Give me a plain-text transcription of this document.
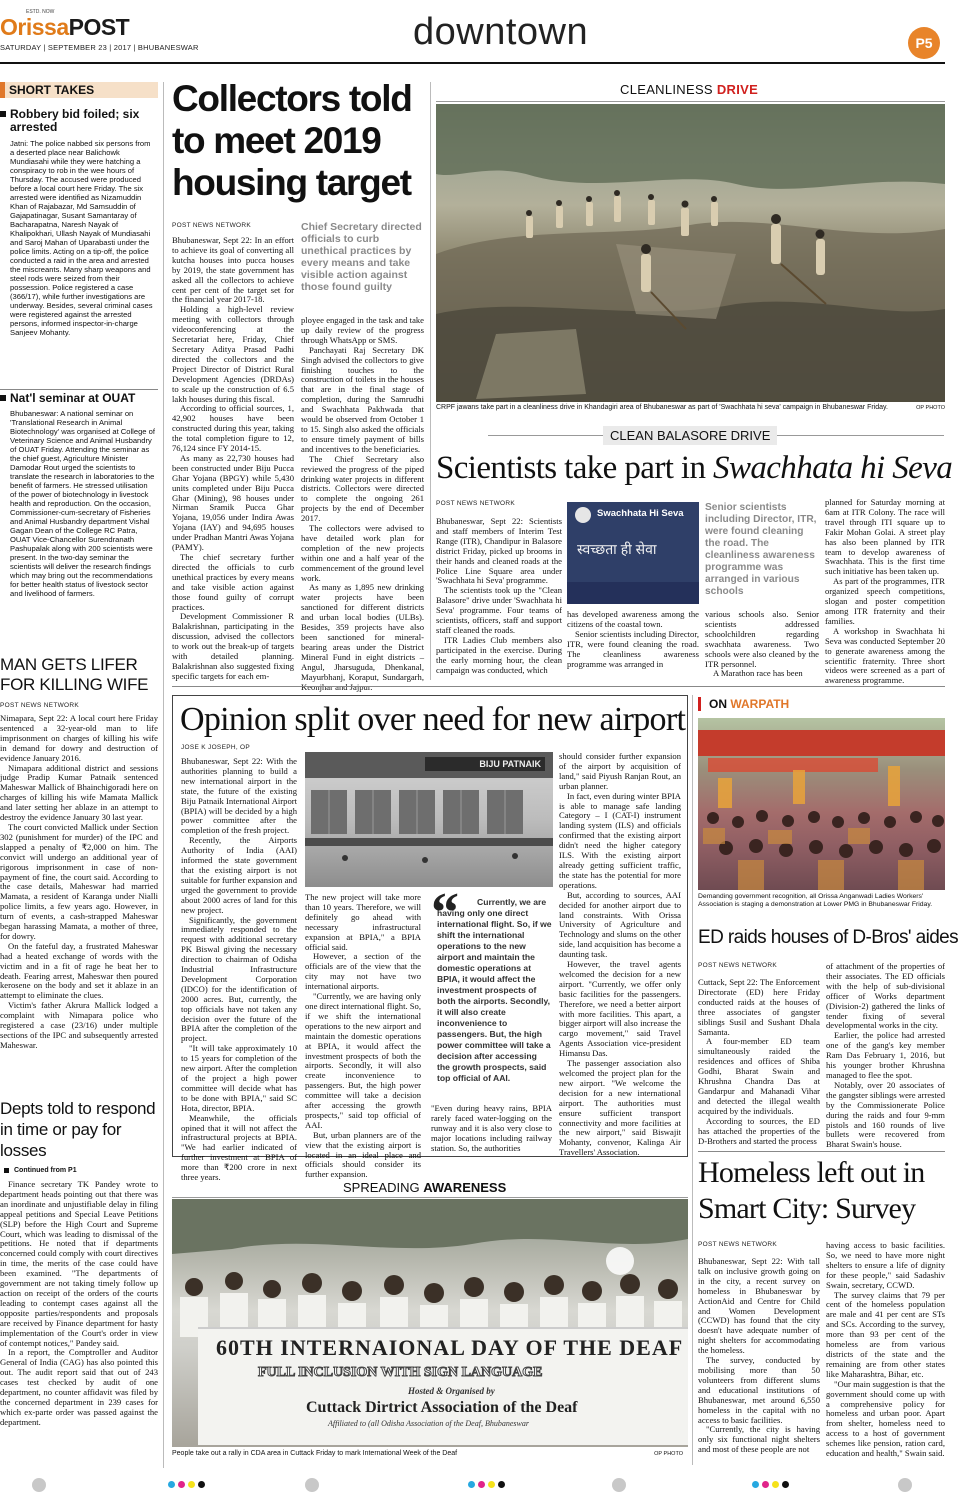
ESTD. NOW
OrissaPOST
SATURDAY | SEPTEMBER 23 | 2017 | BHUBANESWAR	downtown	P5
SHORT TAKES
Robbery bid foiled; six arrested
Jatni: The police nabbed six persons from a deserted place near Balichowk Mundiasahi while they were hatching a conspiracy to rob in the wee hours of Thursday. The accused were produced before a local court here Friday. The six arrested were identified as Nizamuddin Khan of Rajabazar, Md Samsuddin of Gajapatinagar, Susant Samantaray of Bacharapatna, Naresh Nayak of Khalipokhari, Ullash Nayak of Mundiasahi and Saroj Mahan of Uparabasti under the police limits. Acting on a tip-off, the police conducted a raid in the area and arrested the miscreants. Many sharp weapons and steel rods were seized from their possession. Police registered a case (366/17), while further investigations are underway. Besides, several criminal cases were registered against the arrested persons, informed inspector-in-charge Sanjeev Mohanty.
Nat'l seminar at OUAT
Bhubaneswar: A national seminar on 'Translational Research in Animal Biotechnology' was organised at College of Veterinary Science and Animal Husbandry of OUAT Friday. Attending the seminar as the chief guest, Agriculture Minister Damodar Rout urged the scientists to translate the research in laboratories to the benefit of farmers. He stressed utilisation of the power of biotechnology in livestock health and reproduction. On the occasion, Commissioner-cum-secretary of Fisheries and Animal Husbandry department Vishal Gagan Dean of the College RC Patra, OUAT Vice-Chancellor Surendranath Pashupalak along with 200 scientists were present. In the two-day seminar the scientists will deliver the research findings which may bring out the recommendations for better health status of livestock sector and livelihood of farmers.
MAN GETS LIFER FOR KILLING WIFE
POST NEWS NETWORK

Nimapara, Sept 22: A local court here Friday sentenced a 32-year-old man to life imprisonment on charges of killing his wife in demand for dowry and destruction of evidence January 2016.

Nimapara additional district and sessions judge Pradip Kumar Patnaik sentenced Maheswar Mallick of Bhainchigoradi here on charges of killing his wife Mamata Mallick and later setting her ablaze in an attempt to destroy the evidence January 30 last year.

The court convicted Mallick under Section 302 (punishment for murder) of the IPC and slapped a penalty of ₹2,000 on him. The convict will undergo an additional year of rigorous imprisonment in case of non-payment of fine, the court said. According to the case details, Maheswar had married Mamata, a resident of Karanga under Nialli police limits, a few years ago. However, in turn of events, a cash-strapped Maheswar began harassing Mamata, a mother of three, for dowry.

On the fateful day, a frustrated Maheswar had a heated exchange of words with the victim and in a fit of rage he beat her to death. Fearing arrest, Maheswar then poured kerosene on the body and set it ablaze in an attempt to eliminate the clues.

Victim's father Akrura Mallick lodged a complaint with Nimapara police who registered a case (23/16) under multiple sections of the IPC and subsequently arrested Maheswar.

Depts told to respond in time or pay for losses
Continued from P1

Finance secretary TK Pandey wrote to department heads pointing out that there was an inordinate and unjustifiable delay in filing appeal petitions and Special Leave Petitions (SLP) before the High Court and Supreme Court, which was leading to dismissal of the petitions. He noted that if departments concerned could comply with court directives in time, the merits of the case could have been examined. "The departments of government are not taking timely follow up action on receipt of the orders of the courts leading to contempt cases against all the opposite parties/respondents and proposals are received by Finance department for hasty implementation of the Court's order in view of contempt notices," Pandey said.

In a report, the Comptroller and Auditor General of India (CAG) has also pointed this out. The audit report said that out of 243 cases test checked by audit of one department, no counter affidavit was filed by the concerned department in 239 cases for which ex-parte order was passed against the department.

Collectors told to meet 2019 housing target
POST NEWS NETWORK	Chief Secretary directed officials to curb unethical practices by every means and take visible action against those found guilty

Bhubaneswar, Sept 22: In an effort to achieve its goal of converting all kutcha houses into pucca houses by 2019, the state government has asked all the collectors to achieve cent per cent of the target set for the financial year 2017-18.

Holding a high-level review meeting with collectors through videoconferencing at the Secretariat here, Friday, Chief Secretary Aditya Prasad Padhi directed the collectors and the Project Director of District Rural Development Agencies (DRDAs) to scale up the construction of 6.5 lakh houses during this fiscal.

According to official sources, 1, 42,902 houses have been constructed during this year, taking the total completion figure to 12, 76,124 since FY 2014-15.

As many as 22,730 houses had been constructed under Biju Pucca Ghar Yojana (BPGY) while 5,430 units completed under Biju Pucca Ghar (Mining), 98 houses under Nirman Sramik Pucca Ghar Yojana, 19,056 under Indira Awas Yojana (IAY) and 94,695 houses under Pradhan Mantri Awas Yojana (PAMY).

The chief secretary further directed the officials to curb unethical practices by every means and take visible action against those found guilty of corrupt practices.

Development Commissioner R Balakrishnan, participating in the discussion, advised the collectors to work out the break-up of targets with detailed planning. Balakrishnan also suggested fixing specific targets for each em-

ployee engaged in the task and take up daily review of the progress through WhatsApp or SMS.

Panchayati Raj Secretary DK Singh advised the collectors to give finishing touches to the construction of toilets in the houses that are in the final stage of completion, during the Samrudhi and Swachhata Pakhwada that would be observed from October 1 to 15. Singh also asked the officials to ensure timely payment of bills and incentives to the beneficiaries.

The Chief Secretary also reviewed the progress of the piped drinking water projects in different districts. Collectors were directed to complete the ongoing 261 projects by the end of December 2017.

The collectors were advised to have detailed work plan for completion of the new projects within one and a half year of the commencement of the ground level work.

As many as 1,895 new drinking water projects have been sanctioned for different districts and urban local bodies (ULBs). Besides, 359 projects have also been sanctioned for mineral-bearing areas under the District Mineral Fund in eight districts – Angul, Jharsuguda, Dhenkanal, Mayurbhanj, Koraput, Sundargarh,

CLEANLINESS DRIVE
CRPF jawans take part in a cleanliness drive in Khandagiri area of Bhubaneswar as part of 'Swachhata hi seva' campaign in Bhubaneswar Friday.	OP PHOTO
CLEAN BALASORE DRIVE
Scientists take part in Swachhata hi Seva
POST NEWS NETWORK

Bhubaneswar, Sept 22: Scientists and staff members of Interim Test Range (ITR), Chandipur in Balasore district Friday, picked up brooms in their hands and cleaned roads at the Police Line Square area under 'Swachhata hi Seva' programme.

The scientists took up the "Clean Balasore" drive under 'Swachhata hi Seva' programme. Four teams of scientists, officers, staff and support staff cleaned the roads.

ITR Ladies Club members also participated in the exercise. During the early morning hour, the clean campaign was conducted, which

Swachhata Hi Seva
स्वच्छता ही सेवा
Senior scientists including Director, ITR, were found cleaning the road. The cleanliness awareness programme was arranged in various schools

has developed awareness among the citizens of the coastal town.

Senior scientists including Director, ITR, were found cleaning the road. The cleanliness awareness programme was arranged in

various schools also. Senior scientists addressed schoolchildren regarding swachhata awareness. Two schools were also cleaned by the ITR personnel.

A Marathon race has been

planned for Saturday morning at 6am at ITR Colony. The race will travel through ITI square up to Fakir Mohan Golai. A street play has also been planned by ITR team to develop awareness of Swachhata. This is the first time such initiative has been taken up.

As part of the programmes, ITR organized speech competitions, slogan and poster competition among ITR fraternity and their families.

A workshop in Swachhata hi Seva was conducted September 20 to generate awareness among the scientific fraternity. Three short videos were screened as a part of awareness programme.

Opinion split over need for new airport
JOSE K JOSEPH, OP

Bhubaneswar, Sept 22: With the authorities planning to build a new international airport in the state, the future of the existing Biju Patnaik International Airport (BPIA) will be decided by a high power committee after the completion of the fresh project.

Recently, the Airports Authority of India (AAI) informed the state government that the existing airport is not suitable for further expansion and urged the government to provide about 2000 acres of land for this new project.

Significantly, the government immediately responded to the request with additional secretary PK Biswal giving the necessary direction to chairman of Odisha Industrial Infrastructure Development Corporation (IDCO) for the identification of 2000 acres. But, currently, the top officials have not taken any decision over the future of the BPIA after the completion of the project.

"It will take approximately 10 to 15 years for completion of the new airport. After the completion of the project a high power committee will decide what has to be done with BPIA," said SC Hota, director, BPIA.

Meanwhile, the officials opined that it will not affect the infrastructural projects at BPIA. "We had earlier indicated of further investment at BPIA of more than ₹200 crore in next three years.

BIJU PATNAIK

The new project will take more than 10 years. Therefore, we will definitely go ahead with necessary infrastructural expansion at BPIA," a BPIA official said.

However, a section of the officials are of the view that the city may not have two international airports.

"Currently, we are having only one direct international flight. So, if we shift the international operations to the new airport and maintain the domestic operations at BPIA, it would affect the investment prospects of both the airports. Secondly, it will also create inconvenience to passengers. But, the high power committee will take a decision after accessing the growth prospects," said top official of AAI.

But, urban planners are of the view that the existing airport is located in an ideal place and officials should consider its further expansion.

“	Currently, we are having only one direct international flight. So, if we shift the international operations to the new airport and maintain the domestic operations at BPIA, it would affect the investment prospects of both the airports. Secondly, it will also create inconvenience to passengers. But, the high power committee will take a decision after accessing the growth prospects, said top official of AAI.

"Even during heavy rains, BPIA rarely faced water-logging on the runway and it is also very close to major locations including railway station. So, the authorities

should consider further expansion of the airport by acquisition of land," said Piyush Ranjan Rout, an urban planner.

In fact, even during winter BPIA is able to manage safe landing Category – I (CAT-I) instrument landing system (ILS) and officials confirmed that the existing airport didn't need the higher category ILS. With the existing airport already getting sufficient traffic, the state has the potential for more operations.

But, according to sources, AAI decided for another airport due to land constraints. With Orissa University of Agriculture and Technology and slums on the other side, land acquisition has become a daunting task.

However, the travel agents welcomed the decision for a new airport. "Currently, we offer only basic facilities for the passengers. Therefore, we need a better airport with more facilities. This apart, a bigger airport will also increase the cargo movement," said Travel Agents Association vice-president Himansu Das.

The passenger association also welcomed the project plan for the new airport. "We welcome the decision for a new international airport. The authorities must ensure sufficient transport connectivity and more facilities at the new airport," said Biswajit Mohanty, convenor, Kalinga Air Travellers' Association.

ON WARPATH
Demanding government recognition, all Orissa Anganwadi Ladies Workers' Association is staging a demonstration at Lower PMG in Bhubaneswar Friday.
ED raids houses of D-Bros' aides
POST NEWS NETWORK

Cuttack, Sept 22: The Enforcement Directorate (ED) here Friday conducted raids at the houses of three associates of gangster siblings Susil and Sushant Dhala Samanta.

A four-member ED team simultaneously raided the residences and offices of Shiba Godhi, Bharat Swain and Khrushna Chandra Das at Gandarpur and Mahanadi Vihar and detected the illegal wealth acquired by the individuals.

According to sources, the ED has attached the properties of the D-Brothers and started the process

of attachment of the properties of their associates. The ED officials with the help of sub-divisional officer of Works department (Division-2) gathered the links of tender fixing of several developmental works in the city.

Earlier, the police had arrested one of the gang's key member Ram Das February 1, 2016, but his younger brother Khrushna managed to flee the spot.

Notably, over 20 associates of the gangster siblings were arrested by the Commissionerate Police during the raids and four 9-mm pistols and 160 rounds of live bullets were recovered from Bharat Swain's house.

SPREADING AWARENESS
60TH INTERNAIONAL DAY OF THE DEAF
FULL INCLUSION WITH SIGN LANGUAGE
Hosted & Organised by
Cuttack Dirtrict Association of the Deaf
Affiliated to (all Odisha Association of the Deaf, Bhubaneswar
People take out a rally in CDA area in Cuttack Friday to mark International Week of the Deaf	OP PHOTO
Homeless left out in Smart City: Survey
POST NEWS NETWORK

Bhubaneswar, Sept 22: With tall talk on inclusive growth going on in the city, a recent survey on homeless in Bhubaneswar by ActionAid and Centre for Child and Women Development (CCWD) has found that the city doesn't have adequate number of night shelters for accommodating the homeless.

The survey, conducted by mobilising more than 50 volunteers from different slums and educational institutions of Bhubaneswar, met around 6,550 homeless in the capital with no access to basic facilities.

"Currently, the city is having only six functional night shelters and most of these people are not

having access to basic facilities. So, we need to have more night shelters to ensure a life of dignity for these people," said Sadashiv Swain, secretary, CCWD.

The survey claims that 79 per cent of the homeless population are male and 41 per cent are STs and SCs. According to the survey, more than 93 per cent of the homeless are from various districts of the state and the remaining are from other states like Maharashtra, Bihar, etc.

"Our main suggestion is that the government should come up with a comprehensive policy for homeless and urban poor. Apart from shelter, homeless need to access to a host of government schemes like pension, ration card, education and health," Swain said.
